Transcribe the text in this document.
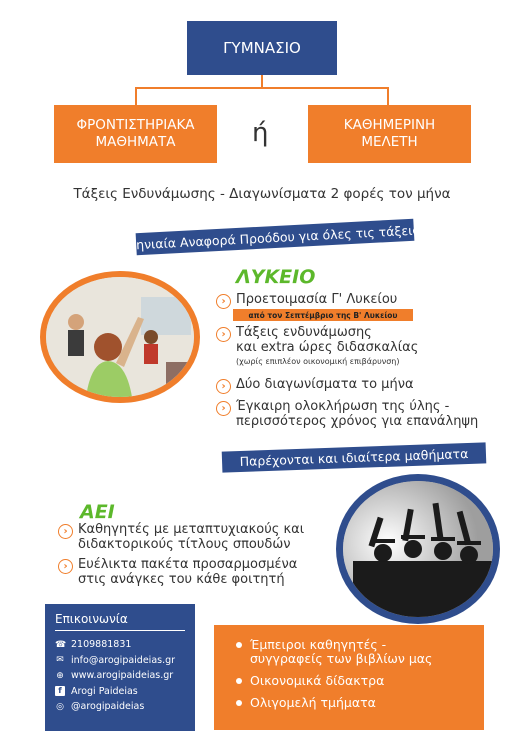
ΓΥΜΝΑΣΙΟ
ΦΡΟΝΤΙΣΤΗΡΙΑΚΑ
ΜΑΘΗΜΑΤΑ	ή	ΚΑΘΗΜΕΡΙΝΗ
ΜΕΛΕΤΗ
Τάξεις Ενδυνάμωσης - Διαγωνίσματα 2 φορές τον μήνα
Μηνιαία Αναφορά Προόδου για όλες τις τάξεις!
ΛΥΚΕΙΟ
› Προετοιμασία Γ' Λυκείου
από τον Σεπτέμβριο της Β' Λυκείου
› Τάξεις ενδυνάμωσης
και extra ώρες διδασκαλίας
(χωρίς επιπλέον οικονομική επιβάρυνση)
› Δύο διαγωνίσματα το μήνα
› Έγκαιρη ολοκλήρωση της ύλης -
περισσότερος χρόνος για επανάληψη
Παρέχονται και ιδιαίτερα μαθήματα
ΑΕΙ
› Καθηγητές με μεταπτυχιακούς και
διδακτορικούς τίτλους σπουδών
› Ευέλικτα πακέτα προσαρμοσμένα
στις ανάγκες του κάθε φοιτητή
Επικοινωνία
☎ 2109881831
✉ info@arogipaideias.gr
⊕ www.arogipaideias.gr
f Arogi Paideias
◎ @arogipaideias
Έμπειροι καθηγητές -
συγγραφείς των βιβλίων μας
Οικονομικά δίδακτρα
Ολιγομελή τμήματα
